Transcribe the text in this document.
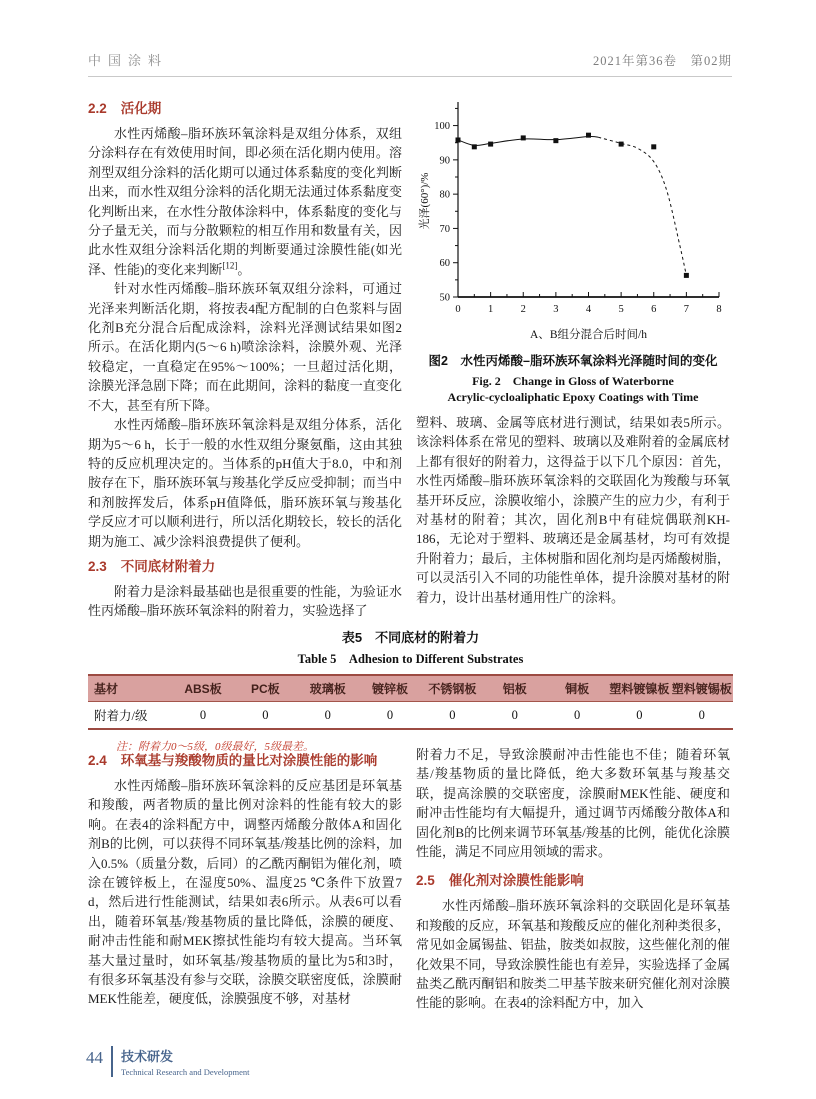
中国涂料	2021年第36卷　第02期
2.2 活化期

水性丙烯酸–脂环族环氧涂料是双组分体系，双组分涂料存在有效使用时间，即必须在活化期内使用。溶剂型双组分涂料的活化期可以通过体系黏度的变化判断出来，而水性双组分涂料的活化期无法通过体系黏度变化判断出来，在水性分散体涂料中，体系黏度的变化与分子量无关，而与分散颗粒的相互作用和数量有关，因此水性双组分涂料活化期的判断要通过涂膜性能(如光泽、性能)的变化来判断[12]。

针对水性丙烯酸–脂环族环氧双组分涂料，可通过光泽来判断活化期，将按表4配方配制的白色浆料与固化剂B充分混合后配成涂料，涂料光泽测试结果如图2所示。在活化期内(5～6 h)喷涂涂料，涂膜外观、光泽较稳定，一直稳定在95%～100%；一旦超过活化期，涂膜光泽急剧下降；而在此期间，涂料的黏度一直变化不大，甚至有所下降。

水性丙烯酸–脂环族环氧涂料是双组分体系，活化期为5～6 h，长于一般的水性双组分聚氨酯，这由其独特的反应机理决定的。当体系的pH值大于8.0，中和剂胺存在下，脂环族环氧与羧基化学反应受抑制；而当中和剂胺挥发后，体系pH值降低，脂环族环氧与羧基化学反应才可以顺利进行，所以活化期较长，较长的活化期为施工、减少涂料浪费提供了便利。

2.3 不同底材附着力

附着力是涂料最基础也是很重要的性能，为验证水性丙烯酸–脂环族环氧涂料的附着力，实验选择了

50
60
70
80
90
100
0	1	2	3	4	5	6	7	8
A、B组分混合后时间/h
光泽(60°)/%
图2　水性丙烯酸–脂环族环氧涂料光泽随时间的变化
Fig. 2　Change in Gloss of Waterborne
Acrylic-cycloaliphatic Epoxy Coatings with Time

塑料、玻璃、金属等底材进行测试，结果如表5所示。该涂料体系在常见的塑料、玻璃以及难附着的金属底材上都有很好的附着力，这得益于以下几个原因：首先，水性丙烯酸–脂环族环氧涂料的交联固化为羧酸与环氧基开环反应，涂膜收缩小，涂膜产生的应力少，有利于对基材的附着；其次，固化剂B中有硅烷偶联剂KH-186，无论对于塑料、玻璃还是金属基材，均可有效提升附着力；最后，主体树脂和固化剂均是丙烯酸树脂，可以灵活引入不同的功能性单体，提升涂膜对基材的附着力，设计出基材通用性广的涂料。

表5　不同底材的附着力
Table 5　Adhesion to Different Substrates
基材	ABS板	PC板	玻璃板	镀锌板	不锈钢板	铝板	铜板	塑料镀镍板	塑料镀锡板
附着力/级	0	0	0	0	0	0	0	0	0
注：附着力0～5级，0级最好，5级最差。
2.4 环氧基与羧酸物质的量比对涂膜性能的影响

水性丙烯酸–脂环族环氧涂料的反应基团是环氧基和羧酸，两者物质的量比例对涂料的性能有较大的影响。在表4的涂料配方中，调整丙烯酸分散体A和固化剂B的比例，可以获得不同环氧基/羧基比例的涂料，加入0.5%（质量分数，后同）的乙酰丙酮铝为催化剂，喷涂在镀锌板上，在湿度50%、温度25 ℃条件下放置7 d，然后进行性能测试，结果如表6所示。从表6可以看出，随着环氧基/羧基物质的量比降低，涂膜的硬度、耐冲击性能和耐MEK擦拭性能均有较大提高。当环氧基大量过量时，如环氧基/羧基物质的量比为5和3时，有很多环氧基没有参与交联，涂膜交联密度低，涂膜耐MEK性能差，硬度低，涂膜强度不够，对基材

附着力不足，导致涂膜耐冲击性能也不佳；随着环氧基/羧基物质的量比降低，绝大多数环氧基与羧基交联，提高涂膜的交联密度，涂膜耐MEK性能、硬度和耐冲击性能均有大幅提升，通过调节丙烯酸分散体A和固化剂B的比例来调节环氧基/羧基的比例，能优化涂膜性能，满足不同应用领域的需求。

2.5 催化剂对涂膜性能影响

水性丙烯酸–脂环族环氧涂料的交联固化是环氧基和羧酸的反应，环氧基和羧酸反应的催化剂种类很多，常见如金属锡盐、铝盐，胺类如叔胺，这些催化剂的催化效果不同，导致涂膜性能也有差异，实验选择了金属盐类乙酰丙酮铝和胺类二甲基苄胺来研究催化剂对涂膜性能的影响。在表4的涂料配方中，加入

44 技术研发
Technical Research and Development
